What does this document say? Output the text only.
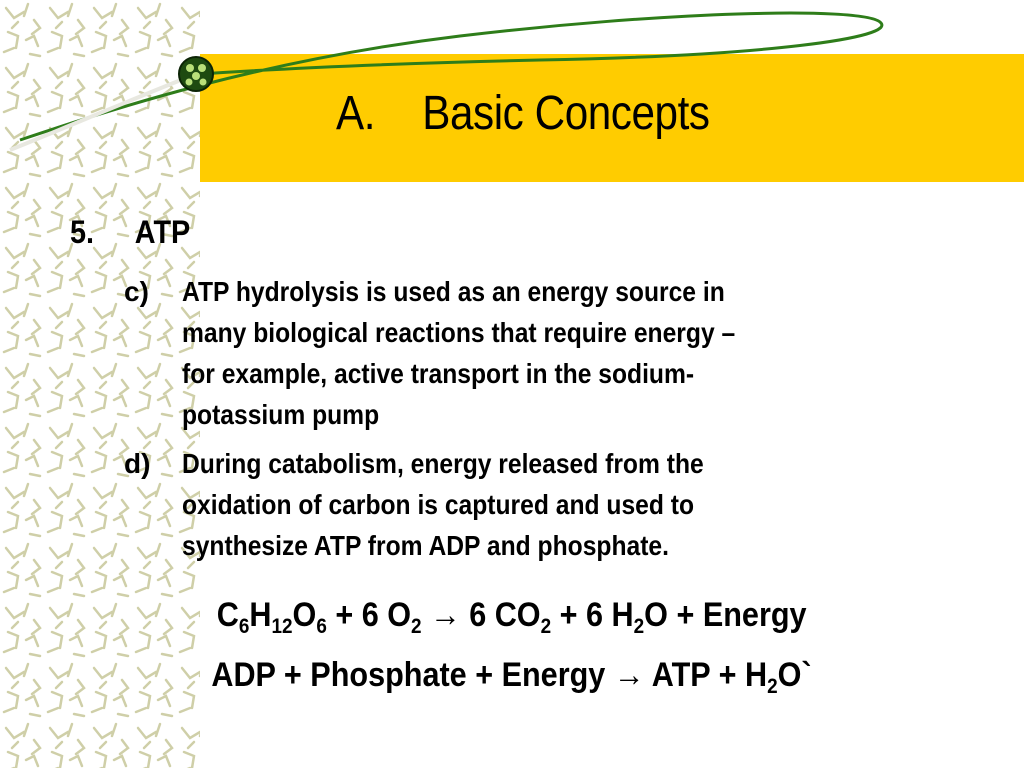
A. Basic Concepts
5. ATP
c) ATP hydrolysis is used as an energy source in
many biological reactions that require energy –
for example, active transport in the sodium-
potassium pump
d) During catabolism, energy released from the
oxidation of carbon is captured and used to
synthesize ATP from ADP and phosphate.
$C_6H_{12}O_6 + 6$ $O_2 \to 6$ $CO_2 + 6$ $H_2O$ + Energy
ADP + Phosphate + Energy → ATP + $H_2O`$
